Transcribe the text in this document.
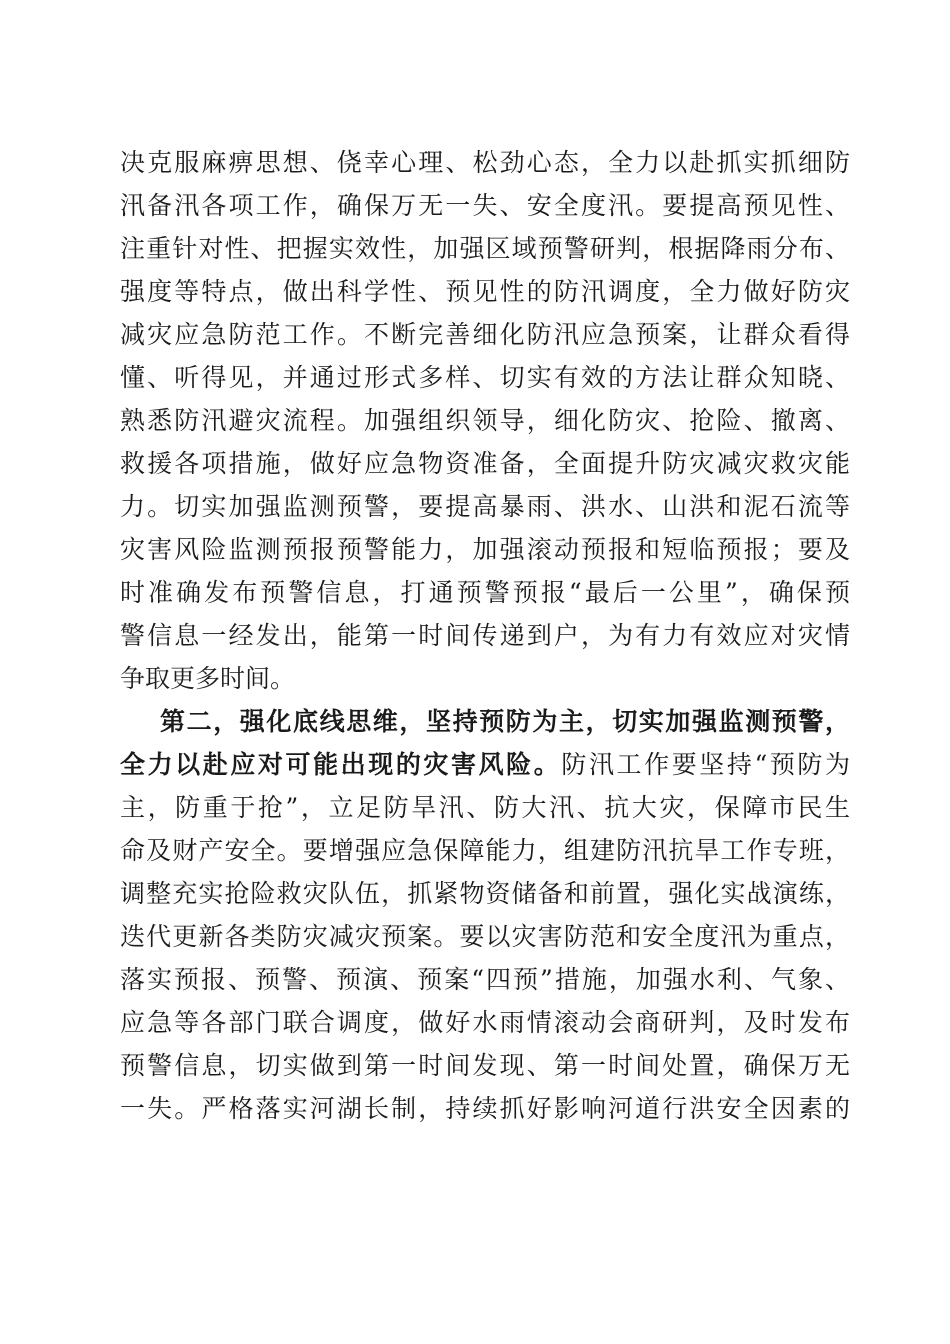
决克服麻痹思想、侥幸心理、松劲心态，全力以赴抓实抓细防
汛备汛各项工作，确保万无一失、安全度汛。要提高预见性、
注重针对性、把握实效性，加强区域预警研判，根据降雨分布、
强度等特点，做出科学性、预见性的防汛调度，全力做好防灾
减灾应急防范工作。不断完善细化防汛应急预案，让群众看得
懂、听得见，并通过形式多样、切实有效的方法让群众知晓、
熟悉防汛避灾流程。加强组织领导，细化防灾、抢险、撤离、
救援各项措施，做好应急物资准备，全面提升防灾减灾救灾能
力。切实加强监测预警，要提高暴雨、洪水、山洪和泥石流等
灾害风险监测预报预警能力，加强滚动预报和短临预报；要及
时准确发布预警信息，打通预警预报“最后一公里”，确保预
警信息一经发出，能第一时间传递到户，为有力有效应对灾情
争取更多时间。
第二，强化底线思维，坚持预防为主，切实加强监测预警，
全力以赴应对可能出现的灾害风险。防汛工作要坚持“预防为
主，防重于抢”，立足防旱汛、防大汛、抗大灾，保障市民生
命及财产安全。要增强应急保障能力，组建防汛抗旱工作专班，
调整充实抢险救灾队伍，抓紧物资储备和前置，强化实战演练，
迭代更新各类防灾减灾预案。要以灾害防范和安全度汛为重点，
落实预报、预警、预演、预案“四预”措施，加强水利、气象、
应急等各部门联合调度，做好水雨情滚动会商研判，及时发布
预警信息，切实做到第一时间发现、第一时间处置，确保万无
一失。严格落实河湖长制，持续抓好影响河道行洪安全因素的
